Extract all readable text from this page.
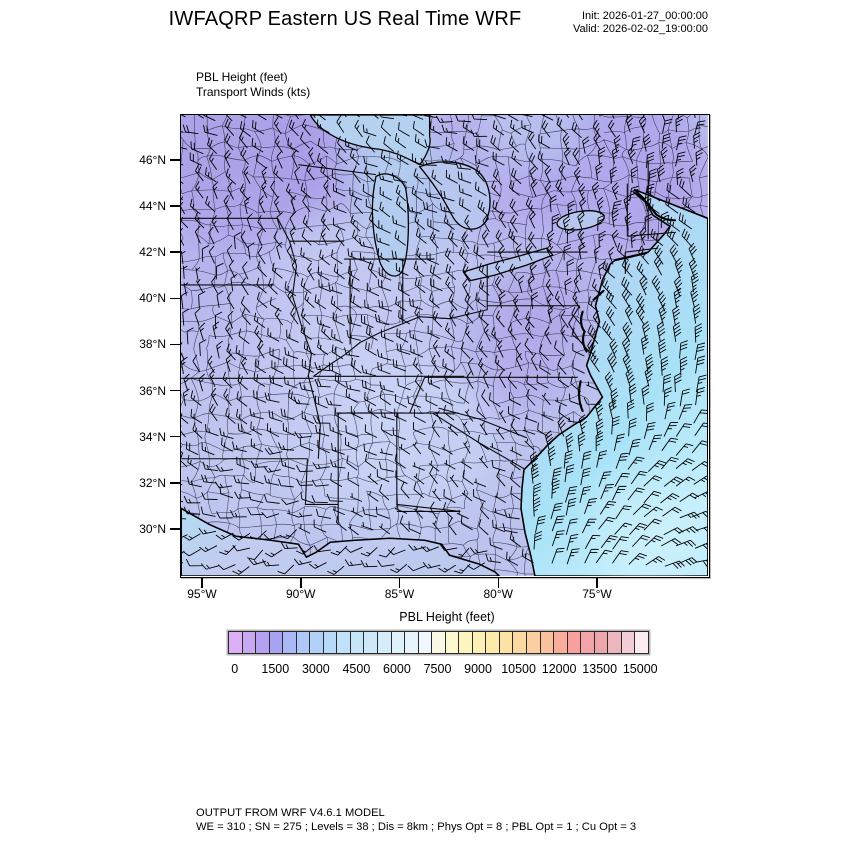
IWFAQRP Eastern US Real Time WRF	Init: 2026-01-27_00:00:00
Valid: 2026-02-02_19:00:00
PBL Height (feet)
Transport Winds (kts)
PBL Height (feet)
OUTPUT FROM WRF V4.6.1 MODEL
WE = 310 ; SN = 275 ; Levels = 38 ; Dis = 8km ; Phys Opt = 8 ; PBL Opt = 1 ; Cu Opt = 3
46°N
44°N
42°N
40°N
38°N
36°N
34°N
32°N
30°N
95°W	90°W	85°W	80°W	75°W
0	1500	3000	4500	6000	7500	9000 10500 12000 13500 15000
